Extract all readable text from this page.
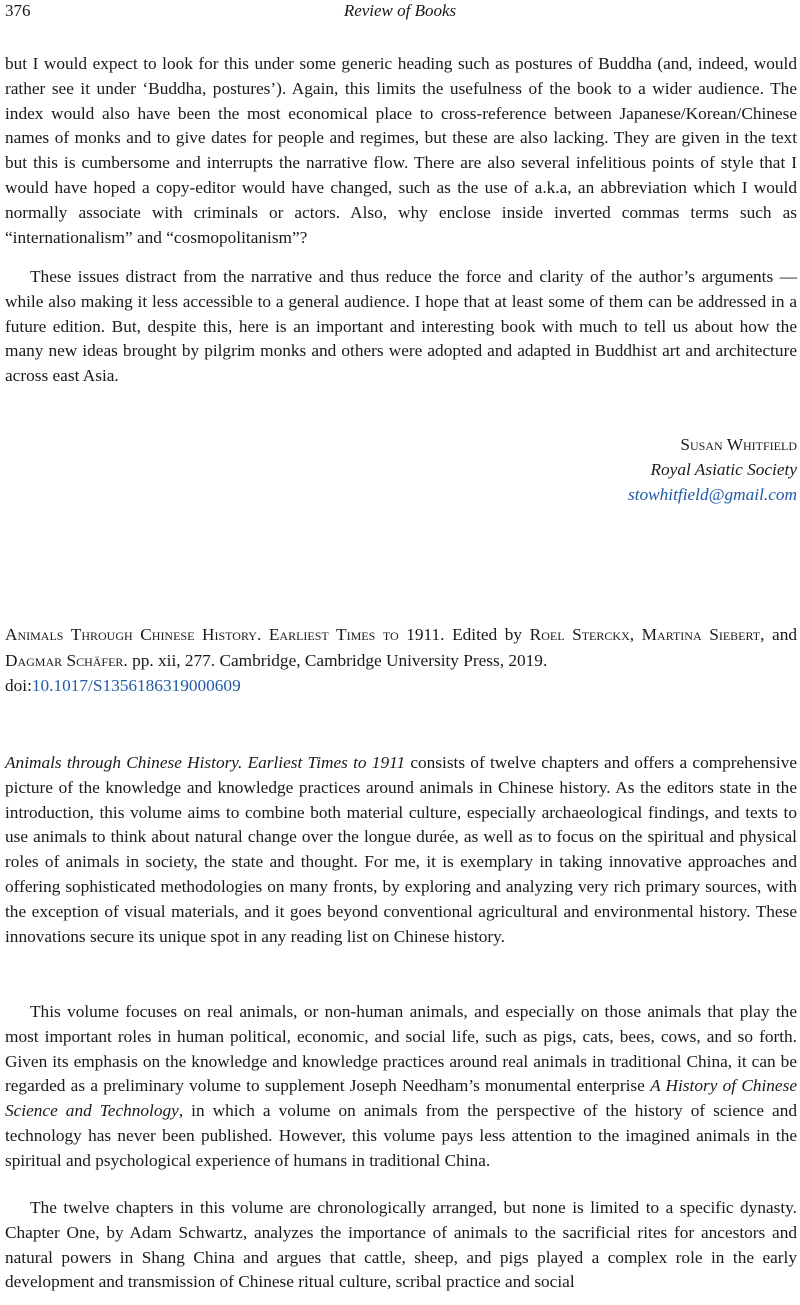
376	Review of Books

but I would expect to look for this under some generic heading such as postures of Buddha (and, indeed, would rather see it under ‘Buddha, postures’). Again, this limits the usefulness of the book to a wider audience. The index would also have been the most economical place to cross-reference between Japanese/Korean/Chinese names of monks and to give dates for people and regimes, but these are also lacking. They are given in the text but this is cumbersome and interrupts the narrative flow. There are also several infelitious points of style that I would have hoped a copy-editor would have changed, such as the use of a.k.a, an abbreviation which I would normally associate with criminals or actors. Also, why enclose inside inverted commas terms such as “internationalism” and “cosmopolitanism”?

These issues distract from the narrative and thus reduce the force and clarity of the author’s arguments — while also making it less accessible to a general audience. I hope that at least some of them can be addressed in a future edition. But, despite this, here is an important and interesting book with much to tell us about how the many new ideas brought by pilgrim monks and others were adopted and adapted in Buddhist art and architecture across east Asia.

Susan Whitfield

Royal Asiatic Society

stowhitfield@gmail.com

Animals Through Chinese History. Earliest Times to 1911. Edited by Roel Sterckx, Martina Siebert, and Dagmar Schäfer. pp. xii, 277. Cambridge, Cambridge University Press, 2019.
doi:10.1017/S1356186319000609

Animals through Chinese History. Earliest Times to 1911 consists of twelve chapters and offers a comprehensive picture of the knowledge and knowledge practices around animals in Chinese history. As the editors state in the introduction, this volume aims to combine both material culture, especially archaeological findings, and texts to use animals to think about natural change over the longue durée, as well as to focus on the spiritual and physical roles of animals in society, the state and thought. For me, it is exemplary in taking innovative approaches and offering sophisticated methodologies on many fronts, by exploring and analyzing very rich primary sources, with the exception of visual materials, and it goes beyond conventional agricultural and environmental history. These innovations secure its unique spot in any reading list on Chinese history.

This volume focuses on real animals, or non-human animals, and especially on those animals that play the most important roles in human political, economic, and social life, such as pigs, cats, bees, cows, and so forth. Given its emphasis on the knowledge and knowledge practices around real animals in traditional China, it can be regarded as a preliminary volume to supplement Joseph Needham’s monumental enterprise A History of Chinese Science and Technology, in which a volume on animals from the perspective of the history of science and technology has never been published. However, this volume pays less attention to the imagined animals in the spiritual and psychological experience of humans in traditional China.

The twelve chapters in this volume are chronologically arranged, but none is limited to a specific dynasty. Chapter One, by Adam Schwartz, analyzes the importance of animals to the sacrificial rites for ancestors and natural powers in Shang China and argues that cattle, sheep, and pigs played a complex role in the early development and transmission of Chinese ritual culture, scribal practice and social
